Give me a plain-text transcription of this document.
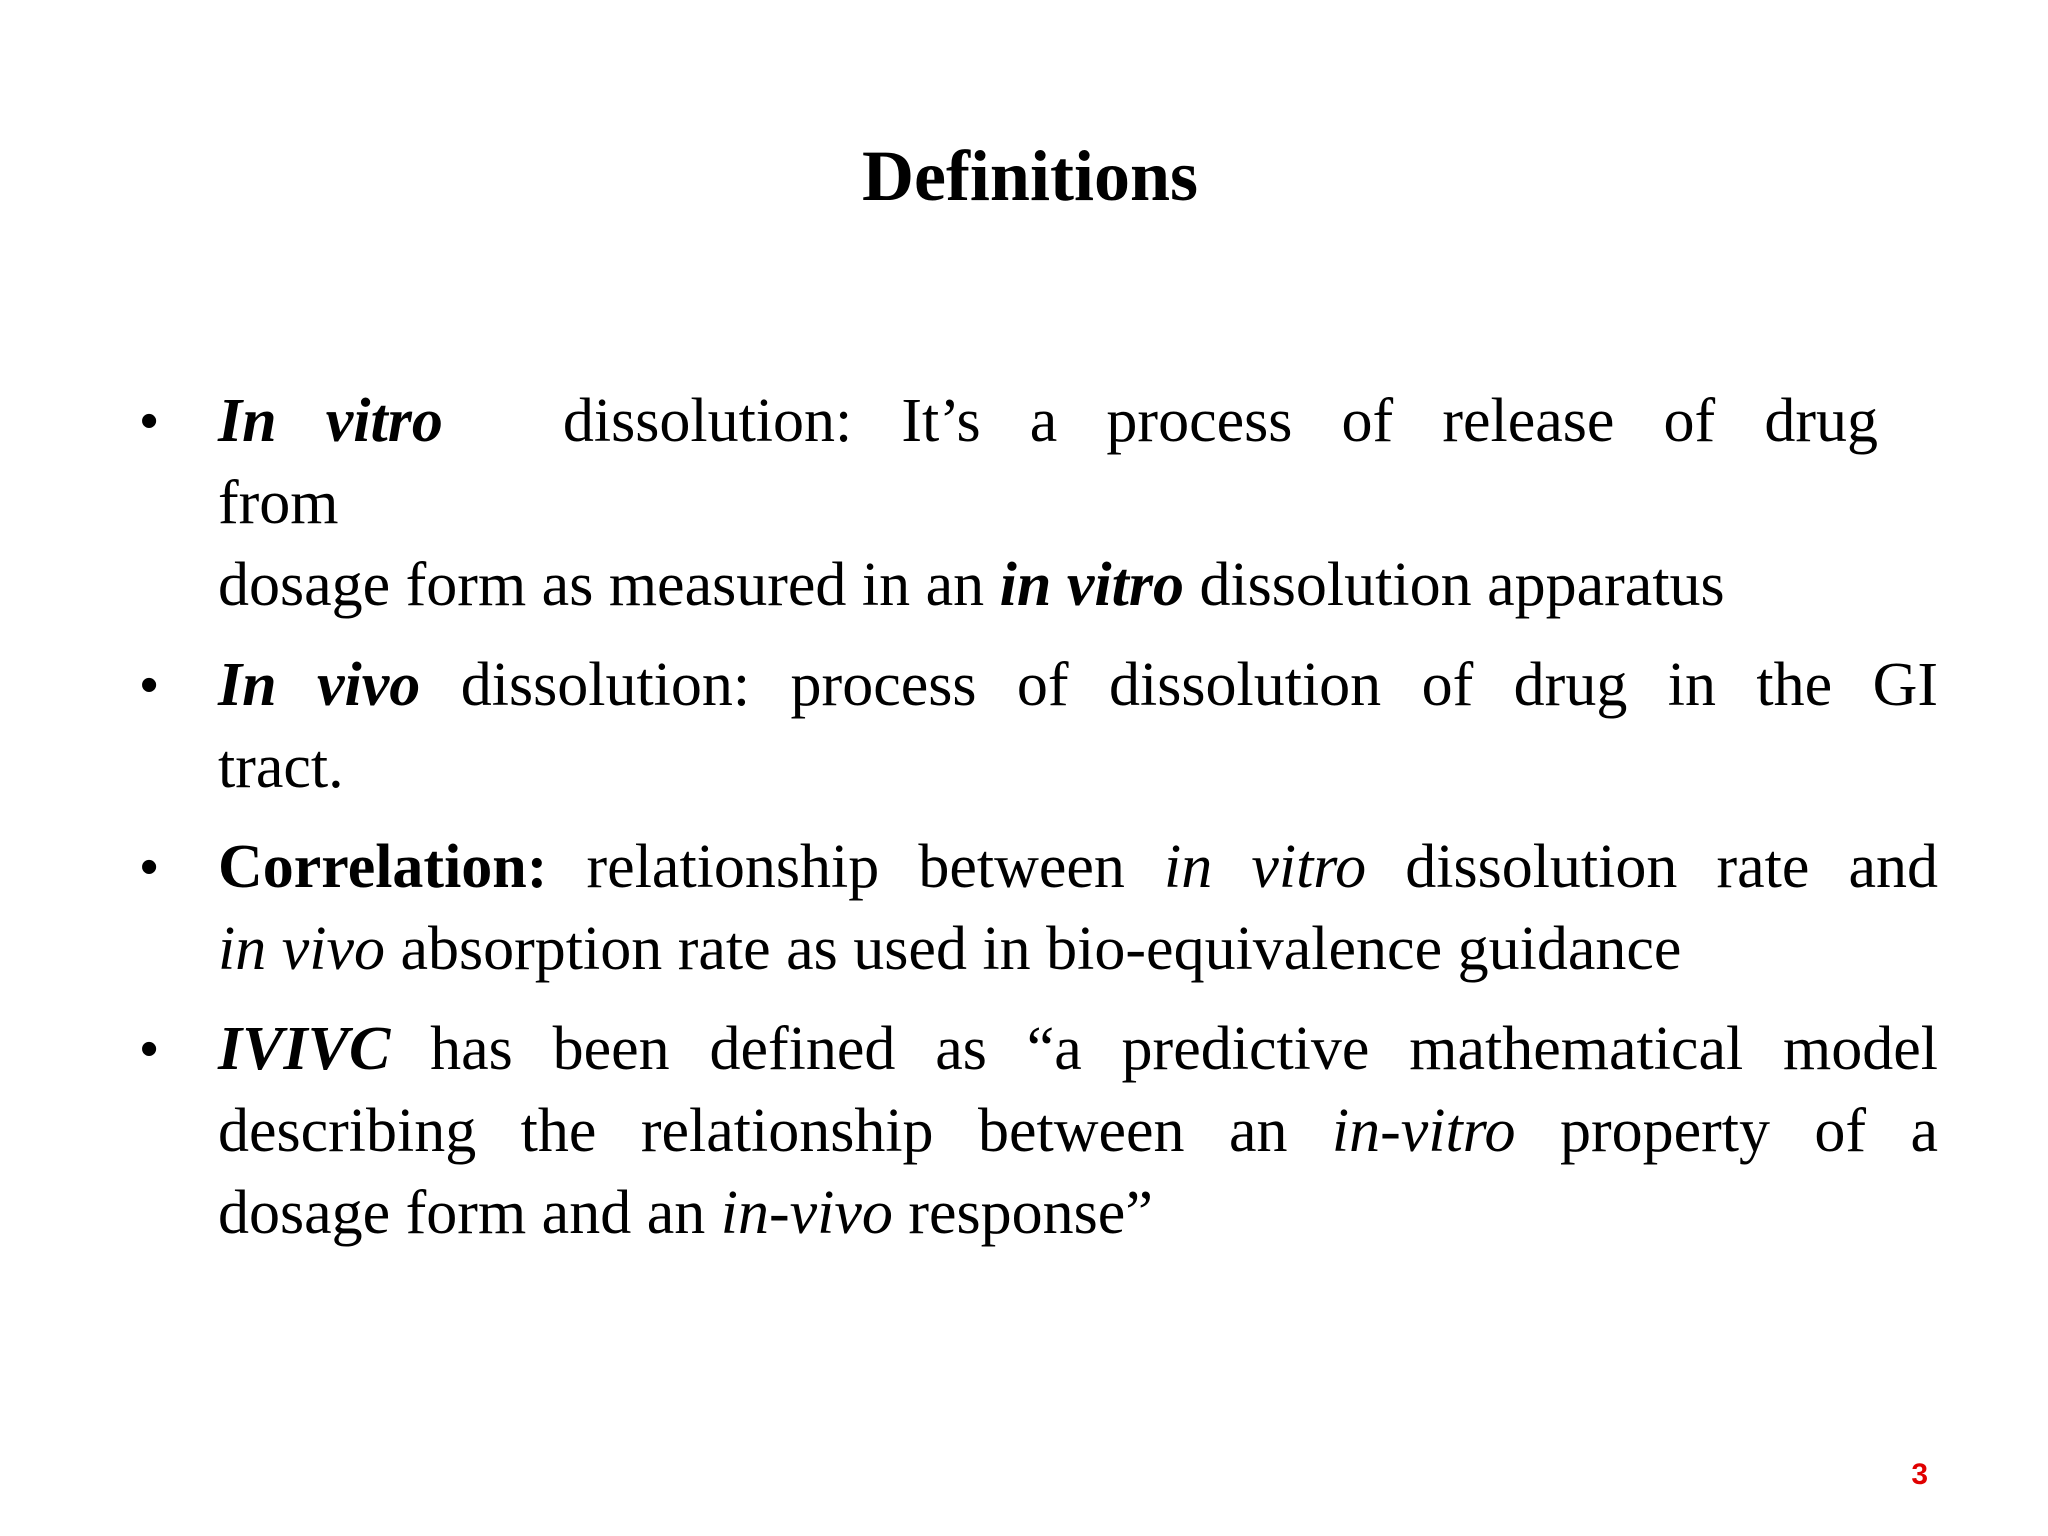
Definitions
• In vitro dissolution: It’s a process of release of drug
from
dosage form as measured in an in vitro dissolution apparatus
• In vivo dissolution: process of dissolution of drug in the GI
tract.
• Correlation: relationship between in vitro dissolution rate and
in vivo absorption rate as used in bio-equivalence guidance
• IVIVC has been defined as “a predictive mathematical model
describing the relationship between an in-vitro property of a
dosage form and an in-vivo response”
3
